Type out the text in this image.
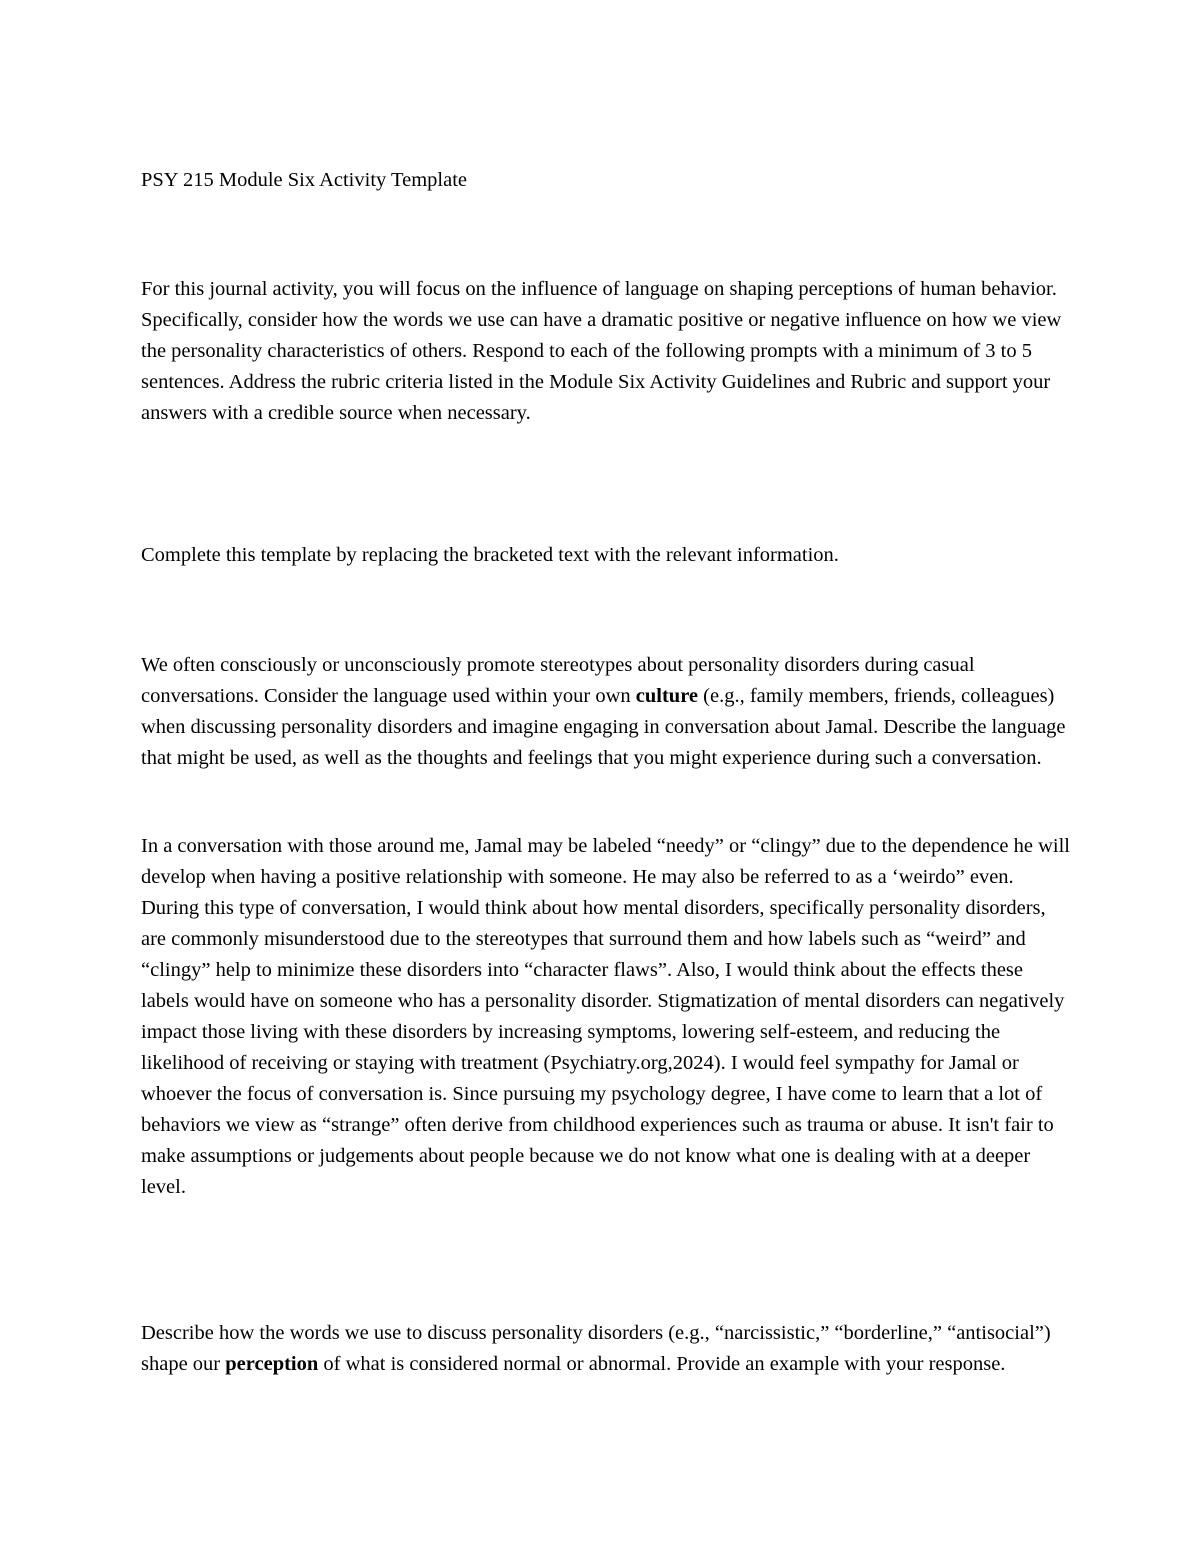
PSY 215 Module Six Activity Template

For this journal activity, you will focus on the influence of language on shaping perceptions of human behavior. Specifically, consider how the words we use can have a dramatic positive or negative influence on how we view the personality characteristics of others. Respond to each of the following prompts with a minimum of 3 to 5 sentences. Address the rubric criteria listed in the Module Six Activity Guidelines and Rubric and support your answers with a credible source when necessary.

Complete this template by replacing the bracketed text with the relevant information.

We often consciously or unconsciously promote stereotypes about personality disorders during casual conversations. Consider the language used within your own culture (e.g., family members, friends, colleagues) when discussing personality disorders and imagine engaging in conversation about Jamal. Describe the language that might be used, as well as the thoughts and feelings that you might experience during such a conversation.

In a conversation with those around me, Jamal may be labeled “needy” or “clingy” due to the dependence he will develop when having a positive relationship with someone. He may also be referred to as a ‘weirdo” even. During this type of conversation, I would think about how mental disorders, specifically personality disorders, are commonly misunderstood due to the stereotypes that surround them and how labels such as “weird” and “clingy” help to minimize these disorders into “character flaws”. Also, I would think about the effects these labels would have on someone who has a personality disorder. Stigmatization of mental disorders can negatively impact those living with these disorders by increasing symptoms, lowering self-esteem, and reducing the likelihood of receiving or staying with treatment (Psychiatry.org,2024). I would feel sympathy for Jamal or whoever the focus of conversation is. Since pursuing my psychology degree, I have come to learn that a lot of behaviors we view as “strange” often derive from childhood experiences such as trauma or abuse. It isn't fair to make assumptions or judgements about people because we do not know what one is dealing with at a deeper level.

Describe how the words we use to discuss personality disorders (e.g., “narcissistic,” “borderline,” “antisocial”) shape our perception of what is considered normal or abnormal. Provide an example with your response.
